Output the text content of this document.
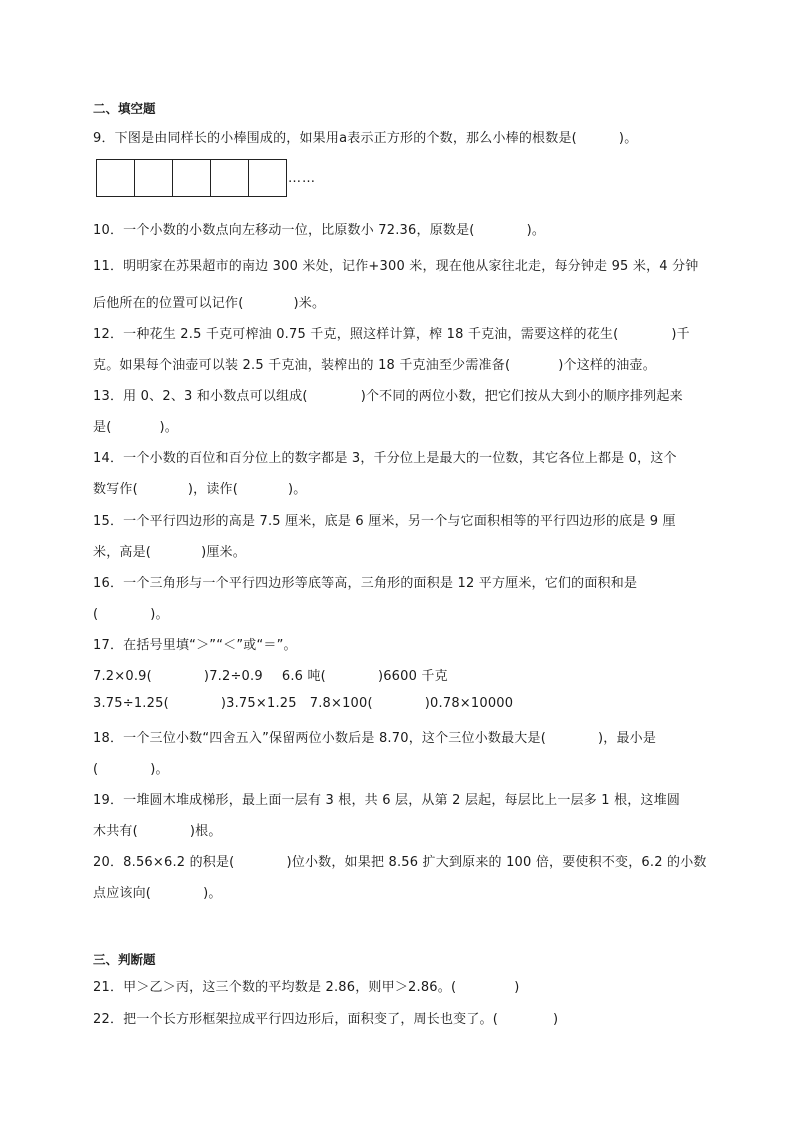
二、填空题
9．下图是由同样长的小棒围成的，如果用a表示正方形的个数，那么小棒的根数是(	)。
……
10．一个小数的小数点向左移动一位，比原数小 72.36，原数是(	)。
11．明明家在苏果超市的南边 300 米处，记作+300 米，现在他从家往北走，每分钟走 95 米，4 分钟
后他所在的位置可以记作(	)米。
12．一种花生 2.5 千克可榨油 0.75 千克，照这样计算，榨 18 千克油，需要这样的花生(	)千
克。如果每个油壶可以装 2.5 千克油，装榨出的 18 千克油至少需准备(	)个这样的油壶。
13．用 0、2、3 和小数点可以组成(	)个不同的两位小数，把它们按从大到小的顺序排列起来
是(	)。
14．一个小数的百位和百分位上的数字都是 3，千分位上是最大的一位数，其它各位上都是 0，这个
数写作(	)，读作(	)。
15．一个平行四边形的高是 7.5 厘米，底是 6 厘米，另一个与它面积相等的平行四边形的底是 9 厘
米，高是(	)厘米。
16．一个三角形与一个平行四边形等底等高，三角形的面积是 12 平方厘米，它们的面积和是
(	)。
17．在括号里填“＞”“＜”或“＝”。
7.2×0.9(	)7.2÷0.9 6.6 吨(	)6600 千克
3.75÷1.25(	)3.75×1.25 7.8×100(	)0.78×10000
18．一个三位小数“四舍五入”保留两位小数后是 8.70，这个三位小数最大是(	)，最小是
(	)。
19．一堆圆木堆成梯形，最上面一层有 3 根，共 6 层，从第 2 层起，每层比上一层多 1 根，这堆圆
木共有(	)根。
20．8.56×6.2 的积是(	)位小数，如果把 8.56 扩大到原来的 100 倍，要使积不变，6.2 的小数
点应该向(	)。
三、判断题
21．甲＞乙＞丙，这三个数的平均数是 2.86，则甲＞2.86。(	)
22．把一个长方形框架拉成平行四边形后，面积变了，周长也变了。(	)
